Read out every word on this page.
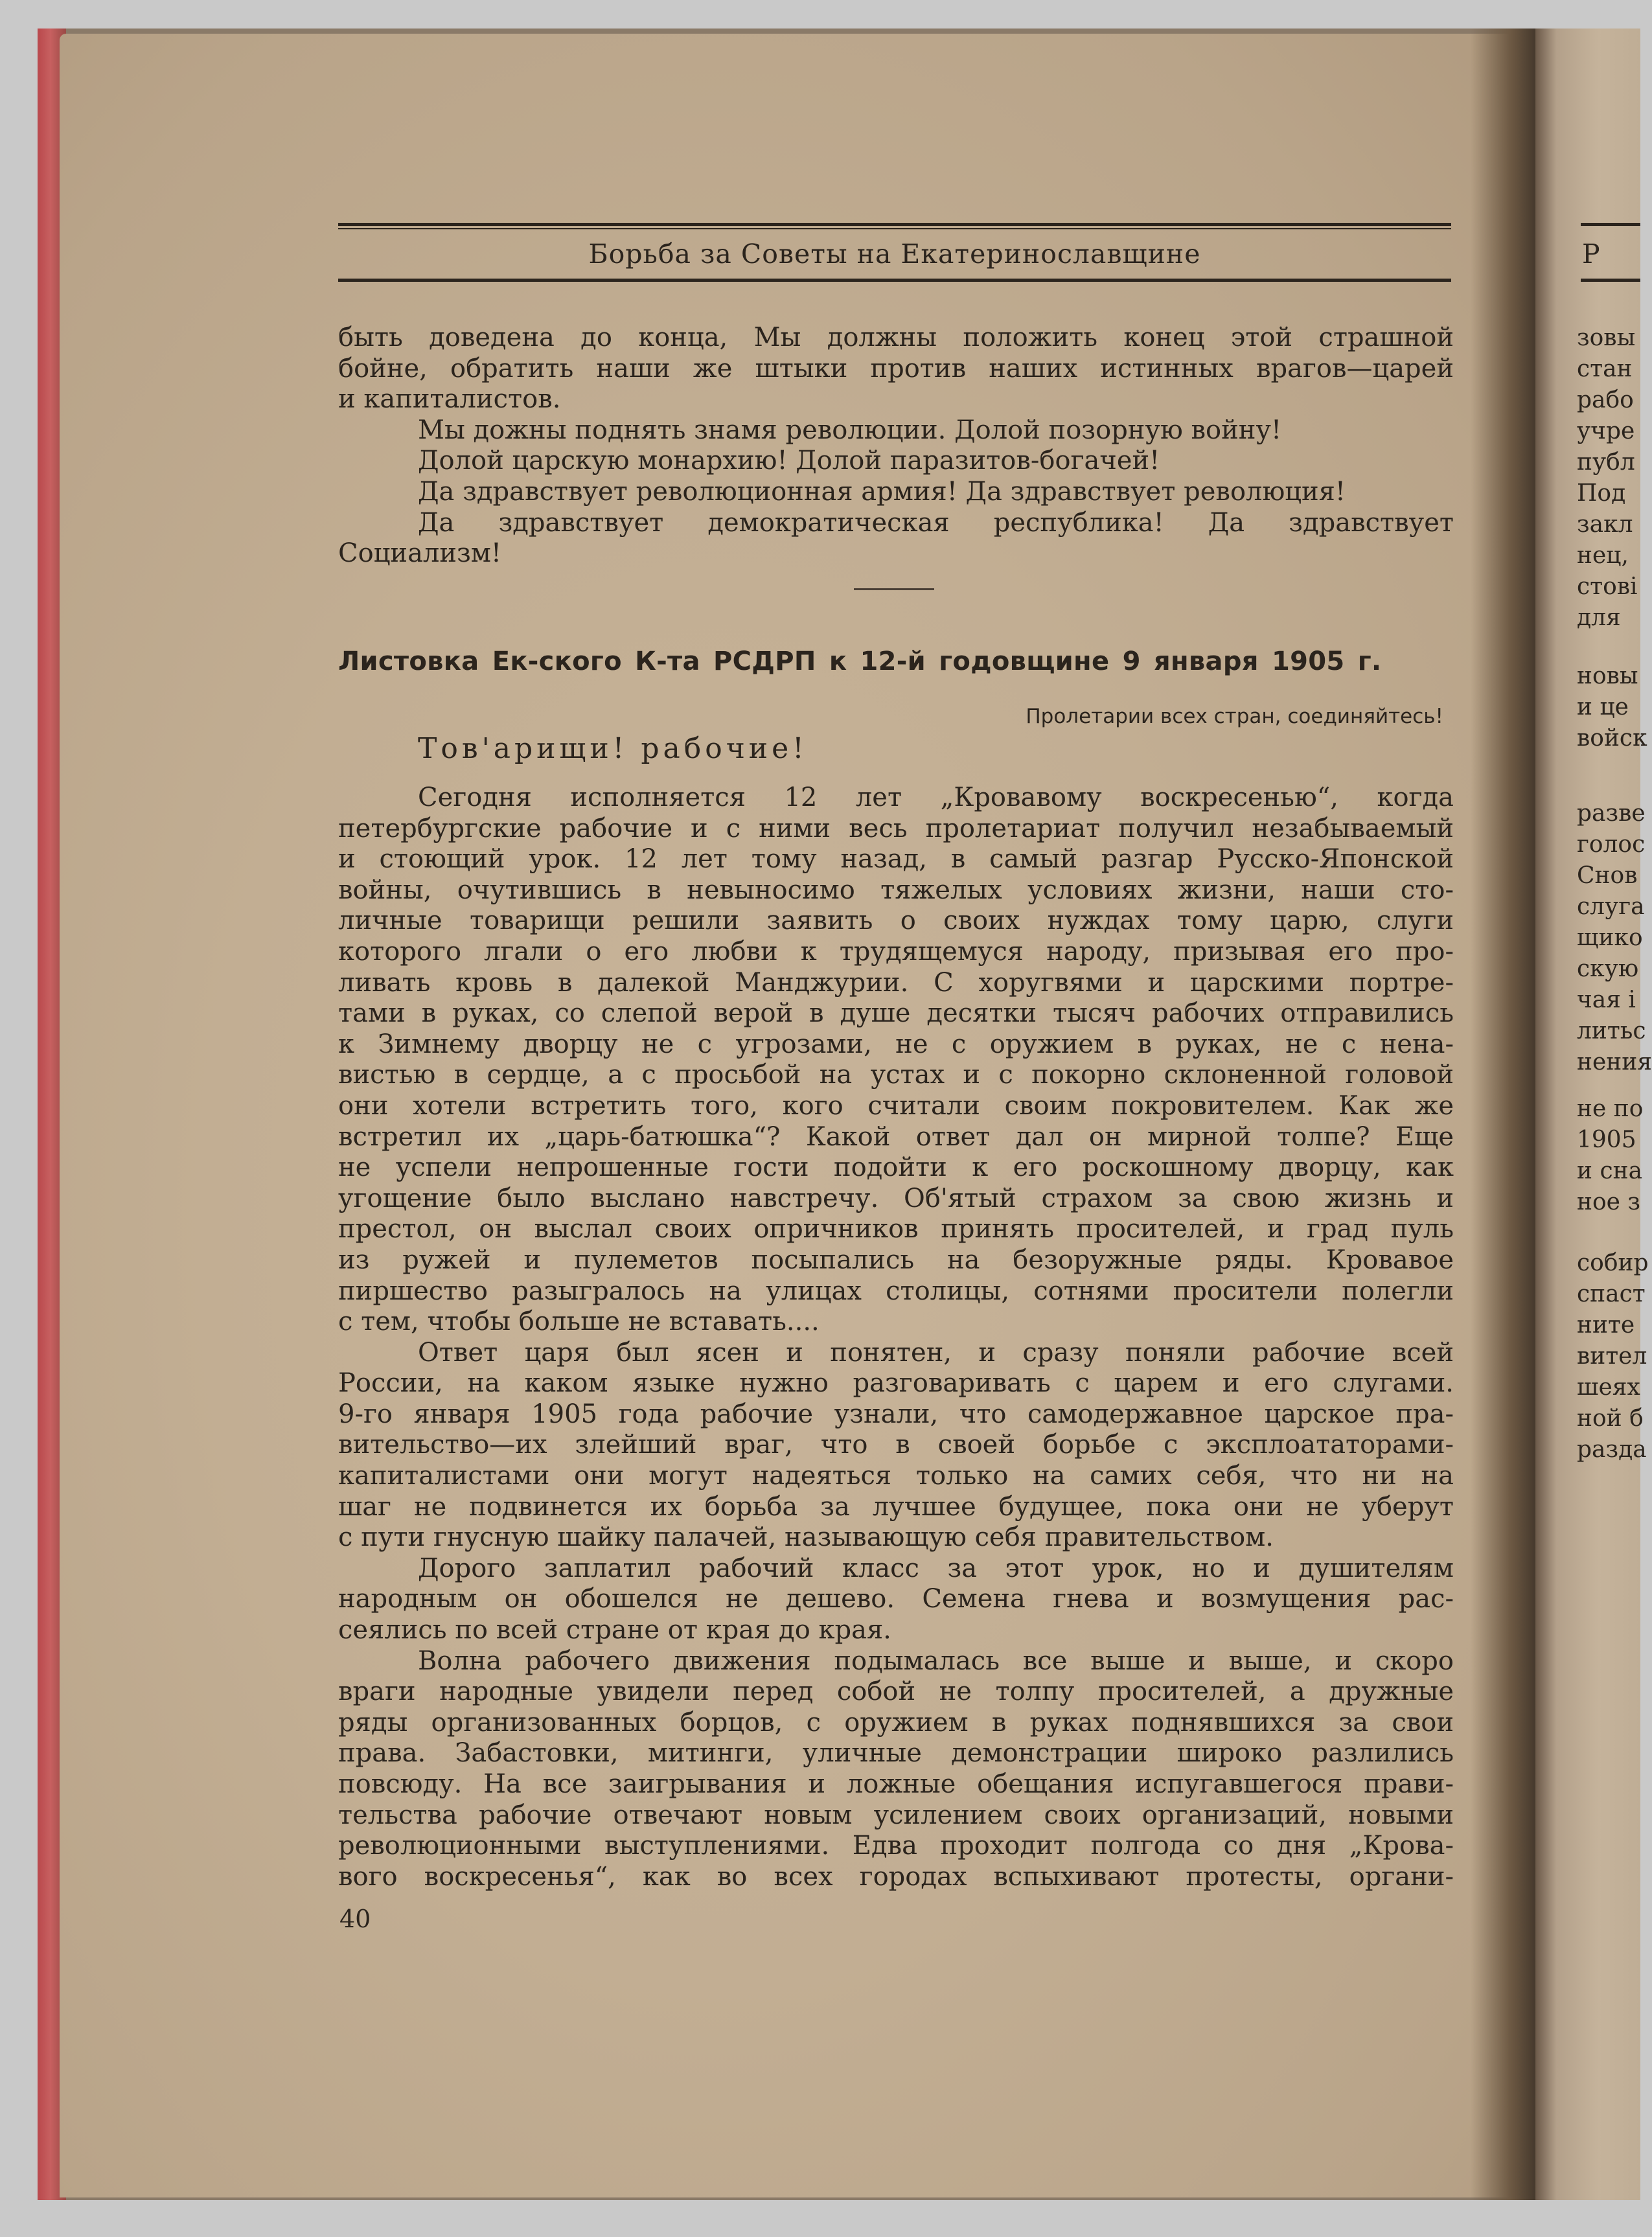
Борьба за Советы на Екатеринославщине
быть доведена до конца, Мы должны положить конец этой страшной
бойне, обратить наши же штыки против наших истинных врагов—царей
и капиталистов.
Мы дожны поднять знамя революции. Долой позорную войну!
Долой царскую монархию! Долой паразитов-богачей!
Да здравствует революционная армия! Да здравствует революция!
Да здравствует демократическая республика! Да здравствует
Социализм!
Листовка Ек-ского К-та РСДРП к 12-й годовщине 9 января 1905 г.
Пролетарии всех стран, соединяйтесь!
Тов'арищи! рабочие!
Сегодня исполняется 12 лет „Кровавому воскресенью“, когда
петербургские рабочие и с ними весь пролетариат получил незабываемый
и стоющий урок. 12 лет тому назад, в самый разгар Русско-Японской
войны, очутившись в невыносимо тяжелых условиях жизни, наши сто-
личные товарищи решили заявить о своих нуждах тому царю, слуги
которого лгали о его любви к трудящемуся народу, призывая его про-
ливать кровь в далекой Манджурии. С хоругвями и царскими портре-
тами в руках, со слепой верой в душе десятки тысяч рабочих отправились
к Зимнему дворцу не с угрозами, не с оружием в руках, не с нена-
вистью в сердце, а с просьбой на устах и с покорно склоненной головой
они хотели встретить того, кого считали своим покровителем. Как же
встретил их „царь-батюшка“? Какой ответ дал он мирной толпе? Еще
не успели непрошенные гости подойти к его роскошному дворцу, как
угощение было выслано навстречу. Об'ятый страхом за свою жизнь и
престол, он выслал своих опричников принять просителей, и град пуль
из ружей и пулеметов посыпались на безоружные ряды. Кровавое
пиршество разыгралось на улицах столицы, сотнями просители полегли
с тем, чтобы больше не вставать....
Ответ царя был ясен и понятен, и сразу поняли рабочие всей
России, на каком языке нужно разговаривать с царем и его слугами.
9-го января 1905 года рабочие узнали, что самодержавное царское пра-
вительство—их злейший враг, что в своей борьбе с эксплоататорами-
капиталистами они могут надеяться только на самих себя, что ни на
шаг не подвинется их борьба за лучшее будущее, пока они не уберут
с пути гнусную шайку палачей, называющую себя правительством.
Дорого заплатил рабочий класс за этот урок, но и душителям
народным он обошелся не дешево. Семена гнева и возмущения рас-
сеялись по всей стране от края до края.
Волна рабочего движения подымалась все выше и выше, и скоро
враги народные увидели перед собой не толпу просителей, а дружные
ряды организованных борцов, с оружием в руках поднявшихся за свои
права. Забастовки, митинги, уличные демонстрации широко разлились
повсюду. На все заигрывания и ложные обещания испугавшегося прави-
тельства рабочие отвечают новым усилением своих организаций, новыми
революционными выступлениями. Едва проходит полгода со дня „Крова-
вого воскресенья“, как во всех городах вспыхивают протесты, органи-
40
Р
зовы
стан
рабо
учре
публ
Под
закл
нец,
стові
для
новы
и це
войск
разве
голос
Снов
слуга
щико
скую
чая і
литьс
нения
не по
1905
и сна
ное з
собир
спаст
ните
вител
шеях
ной б
разда
